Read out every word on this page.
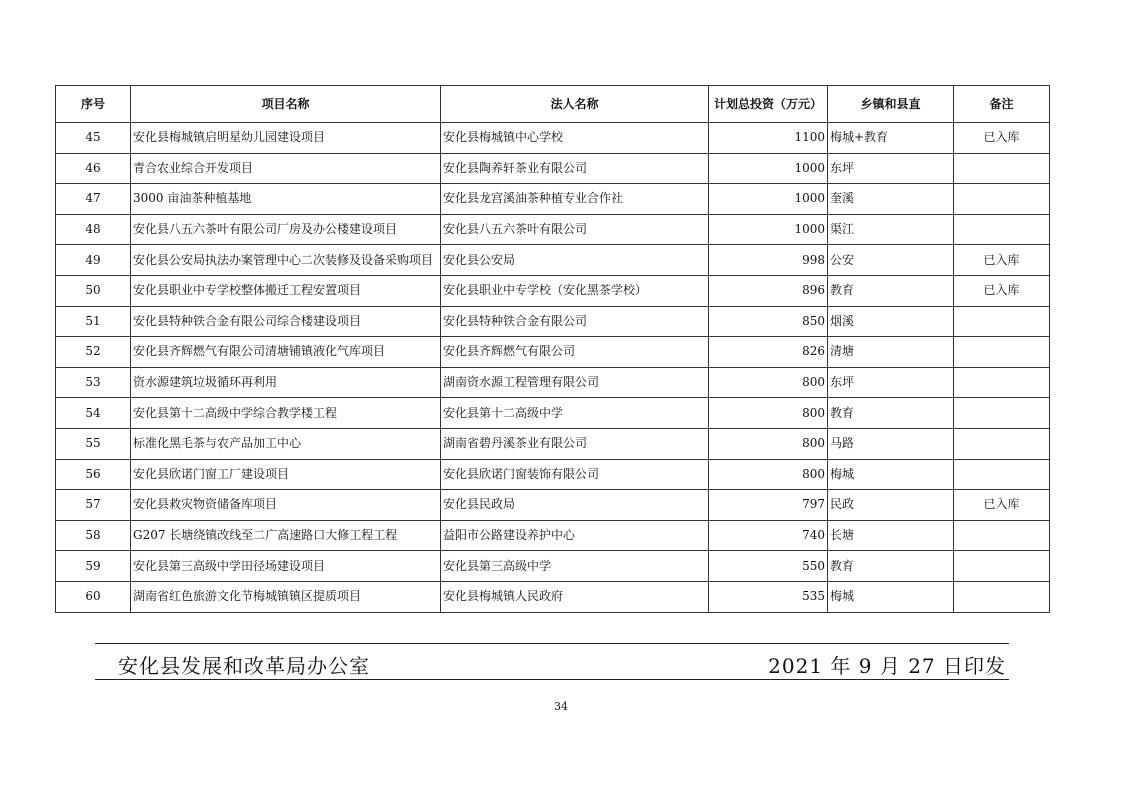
序号	项目名称	法人名称	计划总投资（万元）	乡镇和县直	备注
45	安化县梅城镇启明星幼儿园建设项目	安化县梅城镇中心学校	1100	梅城+教育	已入库
46	青合农业综合开发项目	安化县陶养轩茶业有限公司	1000	东坪	
47	3000 亩油茶种植基地	安化县龙宫溪油茶种植专业合作社	1000	奎溪	
48	安化县八五六茶叶有限公司厂房及办公楼建设项目	安化县八五六茶叶有限公司	1000	渠江	
49	安化县公安局执法办案管理中心二次装修及设备采购项目	安化县公安局	998	公安	已入库
50	安化县职业中专学校整体搬迁工程安置项目	安化县职业中专学校（安化黑茶学校）	896	教育	已入库
51	安化县特种铁合金有限公司综合楼建设项目	安化县特种铁合金有限公司	850	烟溪	
52	安化县齐辉燃气有限公司清塘铺镇液化气库项目	安化县齐辉燃气有限公司	826	清塘	
53	资水源建筑垃圾循环再利用	湖南资水源工程管理有限公司	800	东坪	
54	安化县第十二高级中学综合教学楼工程	安化县第十二高级中学	800	教育	
55	标准化黑毛茶与农产品加工中心	湖南省碧丹溪茶业有限公司	800	马路	
56	安化县欣诺门窗工厂建设项目	安化县欣诺门窗装饰有限公司	800	梅城	
57	安化县救灾物资储备库项目	安化县民政局	797	民政	已入库
58	G207 长塘绕镇改线至二广高速路口大修工程工程	益阳市公路建设养护中心	740	长塘	
59	安化县第三高级中学田径场建设项目	安化县第三高级中学	550	教育	
60	湖南省红色旅游文化节梅城镇镇区提质项目	安化县梅城镇人民政府	535	梅城	
安化县发展和改革局办公室	2021 年 9 月 27 日印发
34
